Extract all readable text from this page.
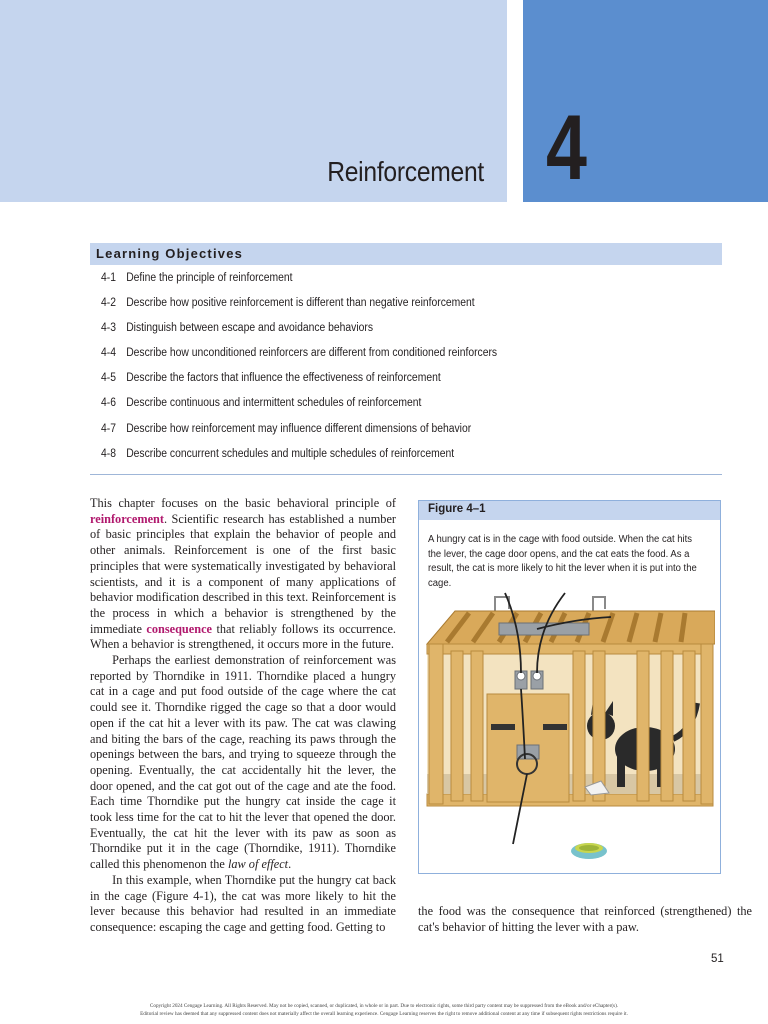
Reinforcement 4
Learning Objectives
4-1 Define the principle of reinforcement
4-2 Describe how positive reinforcement is different than negative reinforcement
4-3 Distinguish between escape and avoidance behaviors
4-4 Describe how unconditioned reinforcers are different from conditioned reinforcers
4-5 Describe the factors that influence the effectiveness of reinforcement
4-6 Describe continuous and intermittent schedules of reinforcement
4-7 Describe how reinforcement may influence different dimensions of behavior
4-8 Describe concurrent schedules and multiple schedules of reinforcement

This chapter focuses on the basic behavioral principle of reinforcement. Scientific research has established a number of basic principles that explain the behavior of people and other animals. Reinforcement is one of the first basic principles that were systematically investigated by behavioral scientists, and it is a component of many applications of behavior modification described in this text. Reinforcement is the process in which a behavior is strengthened by the immediate consequence that reliably follows its occurrence. When a behavior is strengthened, it occurs more in the future.

Perhaps the earliest demonstration of reinforcement was reported by Thorndike in 1911. Thorndike placed a hungry cat in a cage and put food outside of the cage where the cat could see it. Thorndike rigged the cage so that a door would open if the cat hit a lever with its paw. The cat was clawing and biting the bars of the cage, reaching its paws through the openings between the bars, and trying to squeeze through the opening. Eventually, the cat accidentally hit the lever, the door opened, and the cat got out of the cage and ate the food. Each time Thorndike put the hungry cat inside the cage it took less time for the cat to hit the lever that opened the door. Eventually, the cat hit the lever with its paw as soon as Thorndike put it in the cage (Thorndike, 1911). Thorndike called this phenomenon the law of effect.

In this example, when Thorndike put the hungry cat back in the cage (Figure 4-1), the cat was more likely to hit the lever because this behavior had resulted in an immediate consequence: escaping the cage and getting food. Getting to

the food was the consequence that reinforced (strengthened) the cat's behavior of hitting the lever with a paw.
Figure 4–1
A hungry cat is in the cage with food outside. When the cat hits the lever, the cage door opens, and the cat eats the food. As a result, the cat is more likely to hit the lever when it is put into the cage.
51
Copyright 2024 Cengage Learning. All Rights Reserved. May not be copied, scanned, or duplicated, in whole or in part. Due to electronic rights, some third party content may be suppressed from the eBook and/or eChapter(s).
Editorial review has deemed that any suppressed content does not materially affect the overall learning experience. Cengage Learning reserves the right to remove additional content at any time if subsequent rights restrictions require it.
